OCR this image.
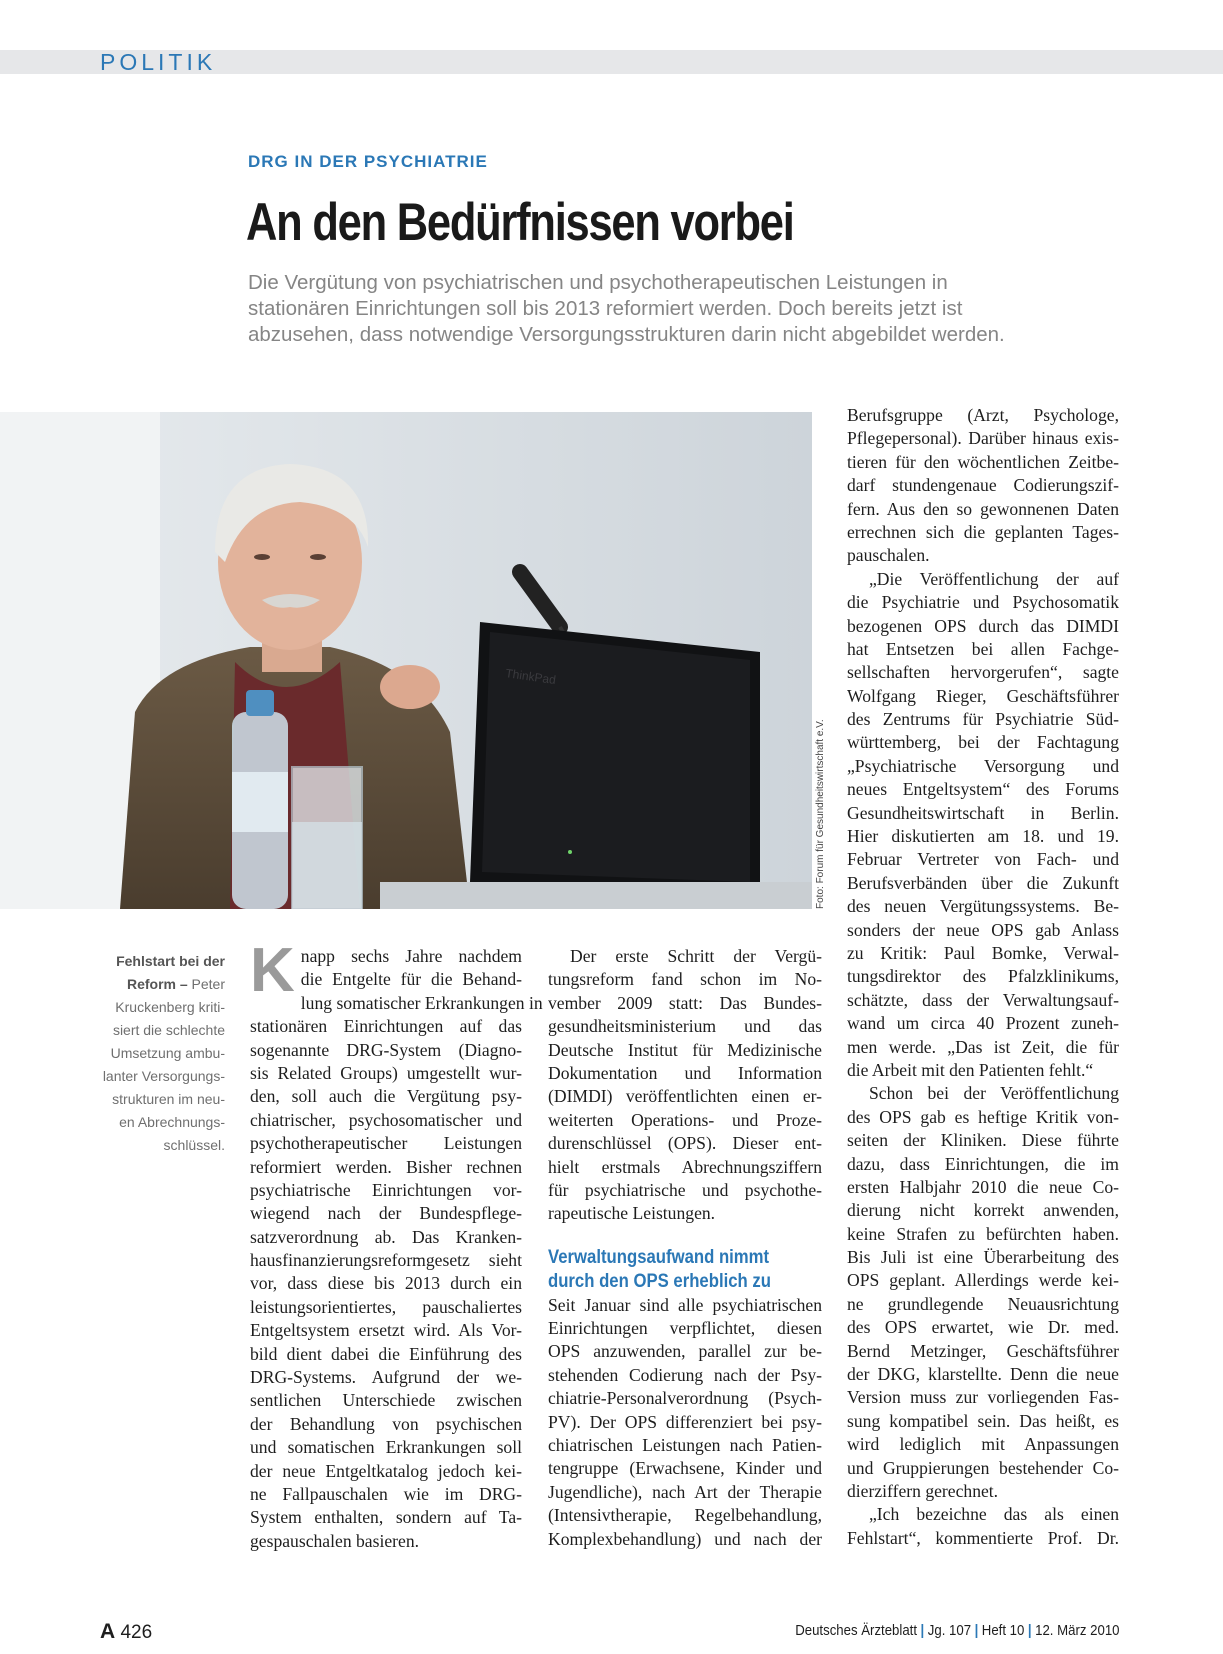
POLITIK
DRG IN DER PSYCHIATRIE
An den Bedürfnissen vorbei
Die Vergütung von psychiatrischen und psychotherapeutischen Leistungen in
stationären Einrichtungen soll bis 2013 reformiert werden. Doch bereits jetzt ist
abzusehen, dass notwendige Versorgungsstrukturen darin nicht abgebildet werden.
ThinkPad
Foto: Forum für Gesundheitswirtschaft e.V.
Fehlstart bei der
Reform – Peter
Kruckenberg kriti-
siert die schlechte
Umsetzung ambu-
lanter Versorgungs-
strukturen im neu-
en Abrechnungs-
schlüssel.
K napp sechs Jahre nachdem
die Entgelte für die Behand-
lung somatischer Erkrankungen in
stationären Einrichtungen auf das
sogenannte DRG-System (Diagno-
sis Related Groups) umgestellt wur-
den, soll auch die Vergütung psy-
chiatrischer, psychosomatischer und
psychotherapeutischer Leistungen
reformiert werden. Bisher rechnen
psychiatrische Einrichtungen vor-
wiegend nach der Bundespflege-
satzverordnung ab. Das Kranken-
hausfinanzierungsreformgesetz sieht
vor, dass diese bis 2013 durch ein
leistungsorientiertes, pauschaliertes
Entgeltsystem ersetzt wird. Als Vor-
bild dient dabei die Einführung des
DRG-Systems. Aufgrund der we-
sentlichen Unterschiede zwischen
der Behandlung von psychischen
und somatischen Erkrankungen soll
der neue Entgeltkatalog jedoch kei-
ne Fallpauschalen wie im DRG-
System enthalten, sondern auf Ta-
gespauschalen basieren.
Der erste Schritt der Vergü-
tungsreform fand schon im No-
vember 2009 statt: Das Bundes-
gesundheitsministerium und das
Deutsche Institut für Medizinische
Dokumentation und Information
(DIMDI) veröffentlichten einen er-
weiterten Operations- und Proze-
durenschlüssel (OPS). Dieser ent-
hielt erstmals Abrechnungsziffern
für psychiatrische und psychothe-
rapeutische Leistungen.
Verwaltungsaufwand nimmt
durch den OPS erheblich zu
Seit Januar sind alle psychiatrischen
Einrichtungen verpflichtet, diesen
OPS anzuwenden, parallel zur be-
stehenden Codierung nach der Psy-
chiatrie-Personalverordnung (Psych-
PV). Der OPS differenziert bei psy-
chiatrischen Leistungen nach Patien-
tengruppe (Erwachsene, Kinder und
Jugendliche), nach Art der Therapie
(Intensivtherapie, Regelbehandlung,
Komplexbehandlung) und nach der
Berufsgruppe (Arzt, Psychologe,
Pflegepersonal). Darüber hinaus exis-
tieren für den wöchentlichen Zeitbe-
darf stundengenaue Codierungszif-
fern. Aus den so gewonnenen Daten
errechnen sich die geplanten Tages-
pauschalen.
„Die Veröffentlichung der auf
die Psychiatrie und Psychosomatik
bezogenen OPS durch das DIMDI
hat Entsetzen bei allen Fachge-
sellschaften hervorgerufen“, sagte
Wolfgang Rieger, Geschäftsführer
des Zentrums für Psychiatrie Süd-
württemberg, bei der Fachtagung
„Psychiatrische Versorgung und
neues Entgeltsystem“ des Forums
Gesundheitswirtschaft in Berlin.
Hier diskutierten am 18. und 19.
Februar Vertreter von Fach- und
Berufsverbänden über die Zukunft
des neuen Vergütungssystems. Be-
sonders der neue OPS gab Anlass
zu Kritik: Paul Bomke, Verwal-
tungsdirektor des Pfalzklinikums,
schätzte, dass der Verwaltungsauf-
wand um circa 40 Prozent zuneh-
men werde. „Das ist Zeit, die für
die Arbeit mit den Patienten fehlt.“
Schon bei der Veröffentlichung
des OPS gab es heftige Kritik von-
seiten der Kliniken. Diese führte
dazu, dass Einrichtungen, die im
ersten Halbjahr 2010 die neue Co-
dierung nicht korrekt anwenden,
keine Strafen zu befürchten haben.
Bis Juli ist eine Überarbeitung des
OPS geplant. Allerdings werde kei-
ne grundlegende Neuausrichtung
des OPS erwartet, wie Dr. med.
Bernd Metzinger, Geschäftsführer
der DKG, klarstellte. Denn die neue
Version muss zur vorliegenden Fas-
sung kompatibel sein. Das heißt, es
wird lediglich mit Anpassungen
und Gruppierungen bestehender Co-
dierziffern gerechnet.
„Ich bezeichne das als einen
Fehlstart“, kommentierte Prof. Dr.
A 426	Deutsches Ärzteblatt | Jg. 107 | Heft 10 | 12. März 2010
